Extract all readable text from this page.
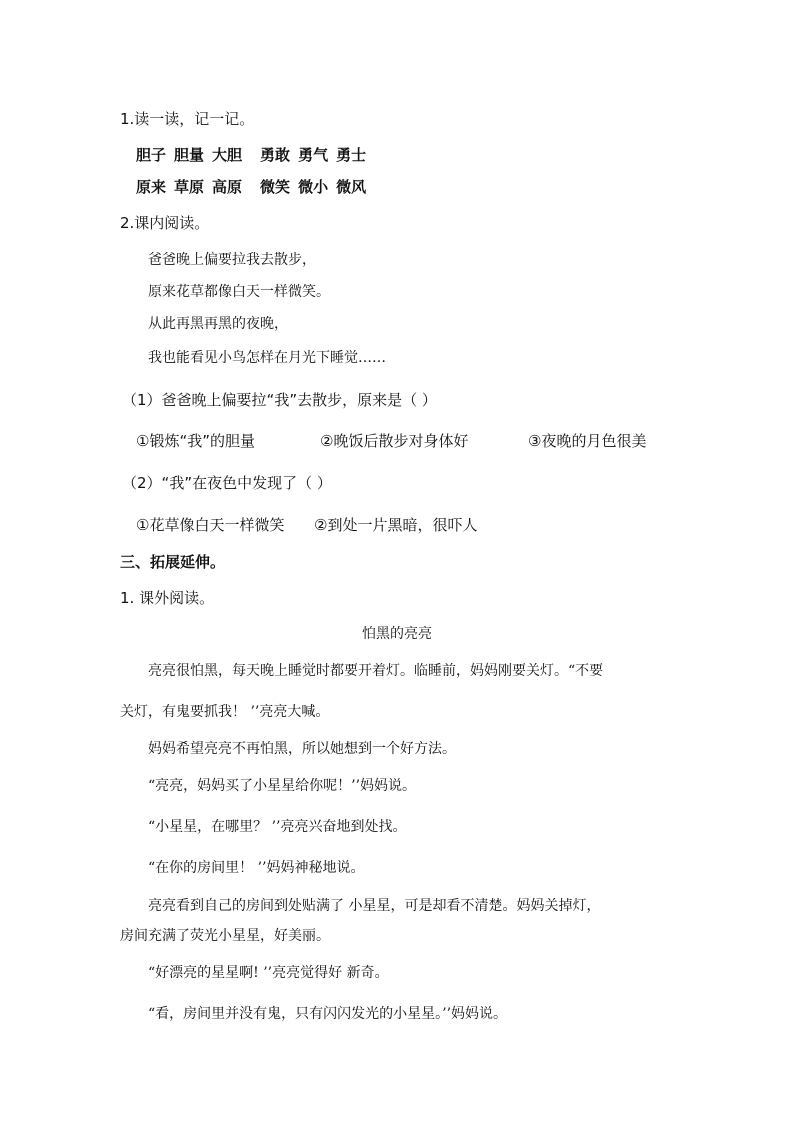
1.读一读，记一记。
胆子 胆量 大胆 勇敢 勇气 勇士
原来 草原 高原 微笑 微小 微风
2.课内阅读。
爸爸晚上偏要拉我去散步，
原来花草都像白天一样微笑。
从此再黑再黑的夜晚，
我也能看见小鸟怎样在月光下睡觉……
（1）爸爸晚上偏要拉“我”去散步，原来是（ ）
①锻炼“我”的胆量	②晚饭后散步对身体好	③夜晚的月色很美
（2）“我”在夜色中发现了（ ）
①花草像白天一样微笑 ②到处一片黑暗，很吓人
三、拓展延伸。
1. 课外阅读。
怕黑的亮亮
亮亮很怕黑，每天晚上睡觉时都要开着灯。临睡前，妈妈刚要关灯。“不要
关灯，有鬼要抓我！ ’’亮亮大喊。
妈妈希望亮亮不再怕黑，所以她想到一个好方法。
“亮亮，妈妈买了小星星给你呢！’’妈妈说。
“小星星，在哪里？ ’’亮亮兴奋地到处找。
“在你的房间里！ ’’妈妈神秘地说。
亮亮看到自己的房间到处贴满了 小星星，可是却看不清楚。妈妈关掉灯，
房间充满了荧光小星星，好美丽。
“好漂亮的星星啊! ’’亮亮觉得好 新奇。
“看，房间里并没有鬼，只有闪闪发光的小星星。’’妈妈说。
